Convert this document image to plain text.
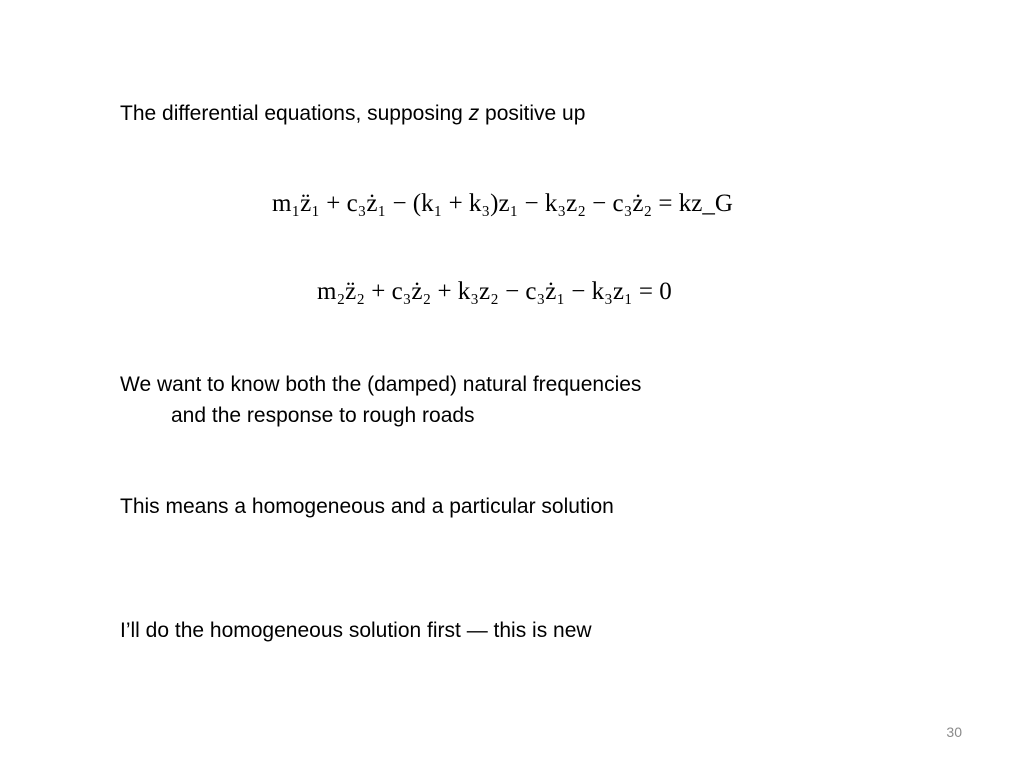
The differential equations, supposing z positive up
m₁z̈₁ + c₃ż₁ − (k₁ + k₃)z₁ − k₃z₂ − c₃ż₂ = kz_G
m₂z̈₂ + c₃ż₂ + k₃z₂ − c₃ż₁ − k₃z₁ = 0
We want to know both the (damped) natural frequencies
and the response to rough roads
This means a homogeneous and a particular solution
I’ll do the homogeneous solution first — this is new
30
